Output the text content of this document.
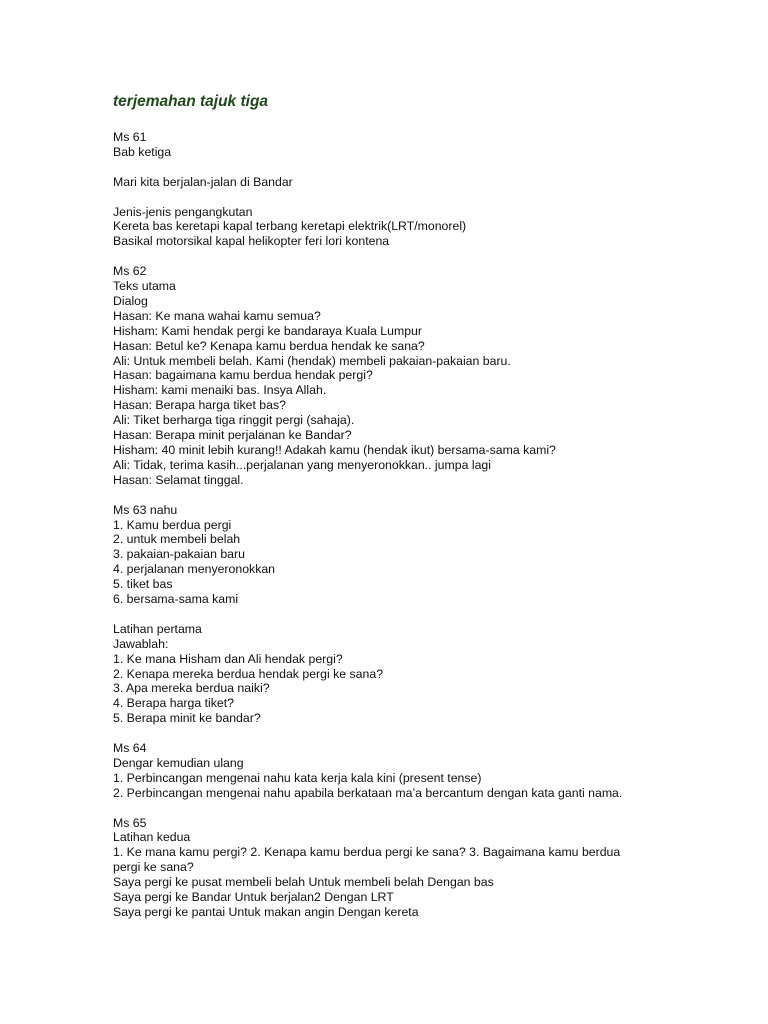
terjemahan tajuk tiga
Ms 61
Bab ketiga
Mari kita berjalan-jalan di Bandar
Jenis-jenis pengangkutan
Kereta bas keretapi kapal terbang keretapi elektrik(LRT/monorel)
Basikal motorsikal kapal helikopter feri lori kontena
Ms 62
Teks utama
Dialog
Hasan: Ke mana wahai kamu semua?
Hisham: Kami hendak pergi ke bandaraya Kuala Lumpur
Hasan: Betul ke? Kenapa kamu berdua hendak ke sana?
Ali: Untuk membeli belah. Kami (hendak) membeli pakaian-pakaian baru.
Hasan: bagaimana kamu berdua hendak pergi?
Hisham: kami menaiki bas. Insya Allah.
Hasan: Berapa harga tiket bas?
Ali: Tiket berharga tiga ringgit pergi (sahaja).
Hasan: Berapa minit perjalanan ke Bandar?
Hisham: 40 minit lebih kurang!! Adakah kamu (hendak ikut) bersama-sama kami?
Ali: Tidak, terima kasih...perjalanan yang menyeronokkan.. jumpa lagi
Hasan: Selamat tinggal.
Ms 63 nahu
1. Kamu berdua pergi
2. untuk membeli belah
3. pakaian-pakaian baru
4. perjalanan menyeronokkan
5. tiket bas
6. bersama-sama kami
Latihan pertama
Jawablah:
1. Ke mana Hisham dan Ali hendak pergi?
2. Kenapa mereka berdua hendak pergi ke sana?
3. Apa mereka berdua naiki?
4. Berapa harga tiket?
5. Berapa minit ke bandar?
Ms 64
Dengar kemudian ulang
1. Perbincangan mengenai nahu kata kerja kala kini (present tense)
2. Perbincangan mengenai nahu apabila berkataan ma’a bercantum dengan kata ganti nama.
Ms 65
Latihan kedua
1. Ke mana kamu pergi? 2. Kenapa kamu berdua pergi ke sana? 3. Bagaimana kamu berdua pergi ke sana?
Saya pergi ke pusat membeli belah Untuk membeli belah Dengan bas
Saya pergi ke Bandar Untuk berjalan2 Dengan LRT
Saya pergi ke pantai Untuk makan angin Dengan kereta
